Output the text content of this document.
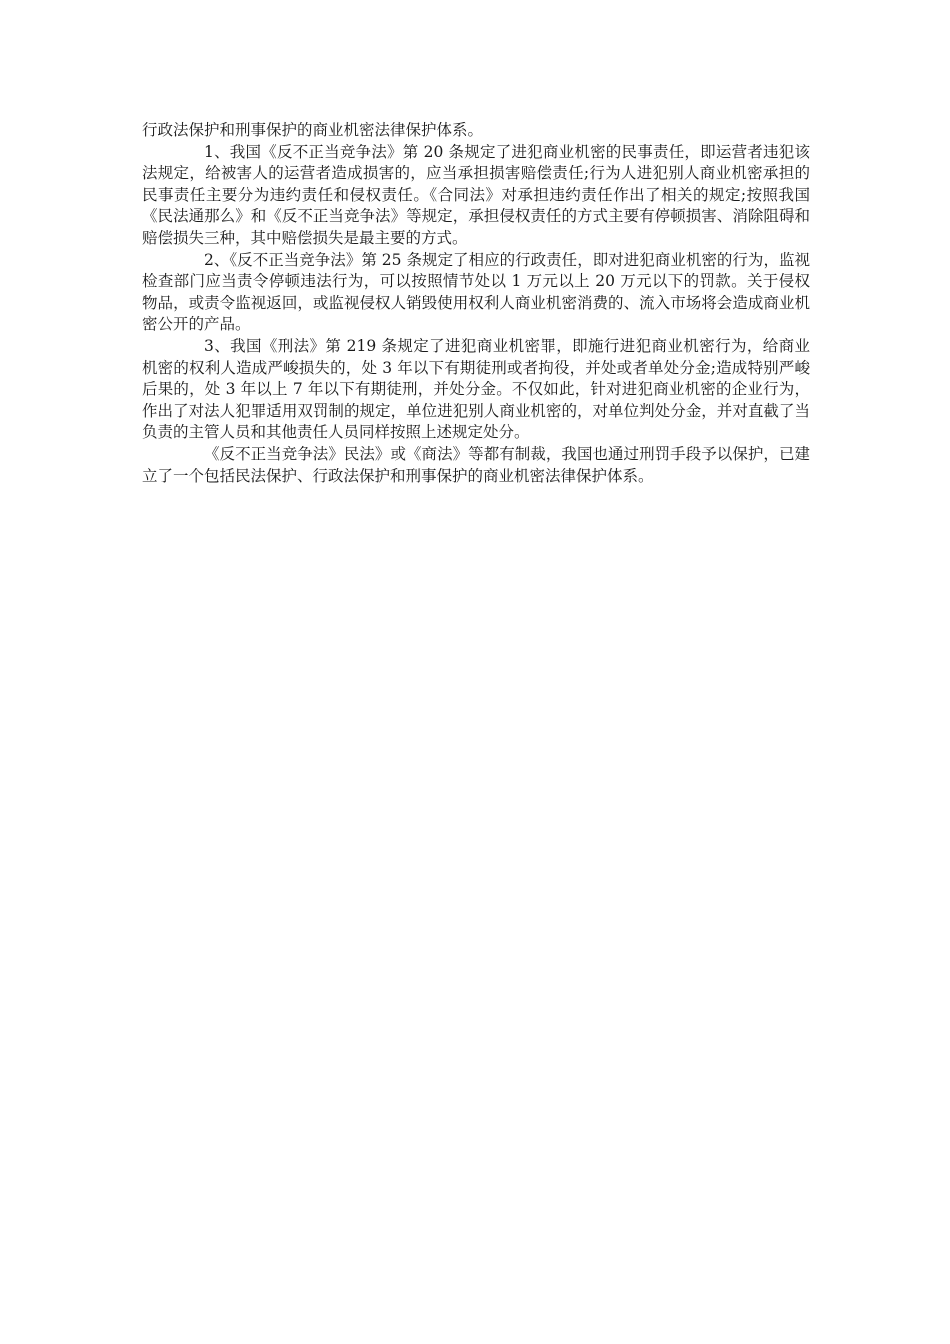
行政法保护和刑事保护的商业机密法律保护体系。

1、我国《反不正当竞争法》第 20 条规定了进犯商业机密的民事责任，即运营者违犯该法规定，给被害人的运营者造成损害的，应当承担损害赔偿责任;行为人进犯别人商业机密承担的民事责任主要分为违约责任和侵权责任。《合同法》对承担违约责任作出了相关的规定;按照我国《民法通那么》和《反不正当竞争法》等规定，承担侵权责任的方式主要有停顿损害、消除阻碍和赔偿损失三种，其中赔偿损失是最主要的方式。

2、《反不正当竞争法》第 25 条规定了相应的行政责任，即对进犯商业机密的行为，监视检查部门应当责令停顿违法行为，可以按照情节处以 1 万元以上 20 万元以下的罚款。关于侵权物品，或责令监视返回，或监视侵权人销毁使用权利人商业机密消费的、流入市场将会造成商业机密公开的产品。

3、我国《刑法》第 219 条规定了进犯商业机密罪，即施行进犯商业机密行为，给商业机密的权利人造成严峻损失的，处 3 年以下有期徒刑或者拘役，并处或者单处分金;造成特别严峻后果的，处 3 年以上 7 年以下有期徒刑，并处分金。不仅如此，针对进犯商业机密的企业行为，作出了对法人犯罪适用双罚制的规定，单位进犯别人商业机密的，对单位判处分金，并对直截了当负责的主管人员和其他责任人员同样按照上述规定处分。

《反不正当竞争法》民法》或《商法》等都有制裁，我国也通过刑罚手段予以保护，已建立了一个包括民法保护、行政法保护和刑事保护的商业机密法律保护体系。
